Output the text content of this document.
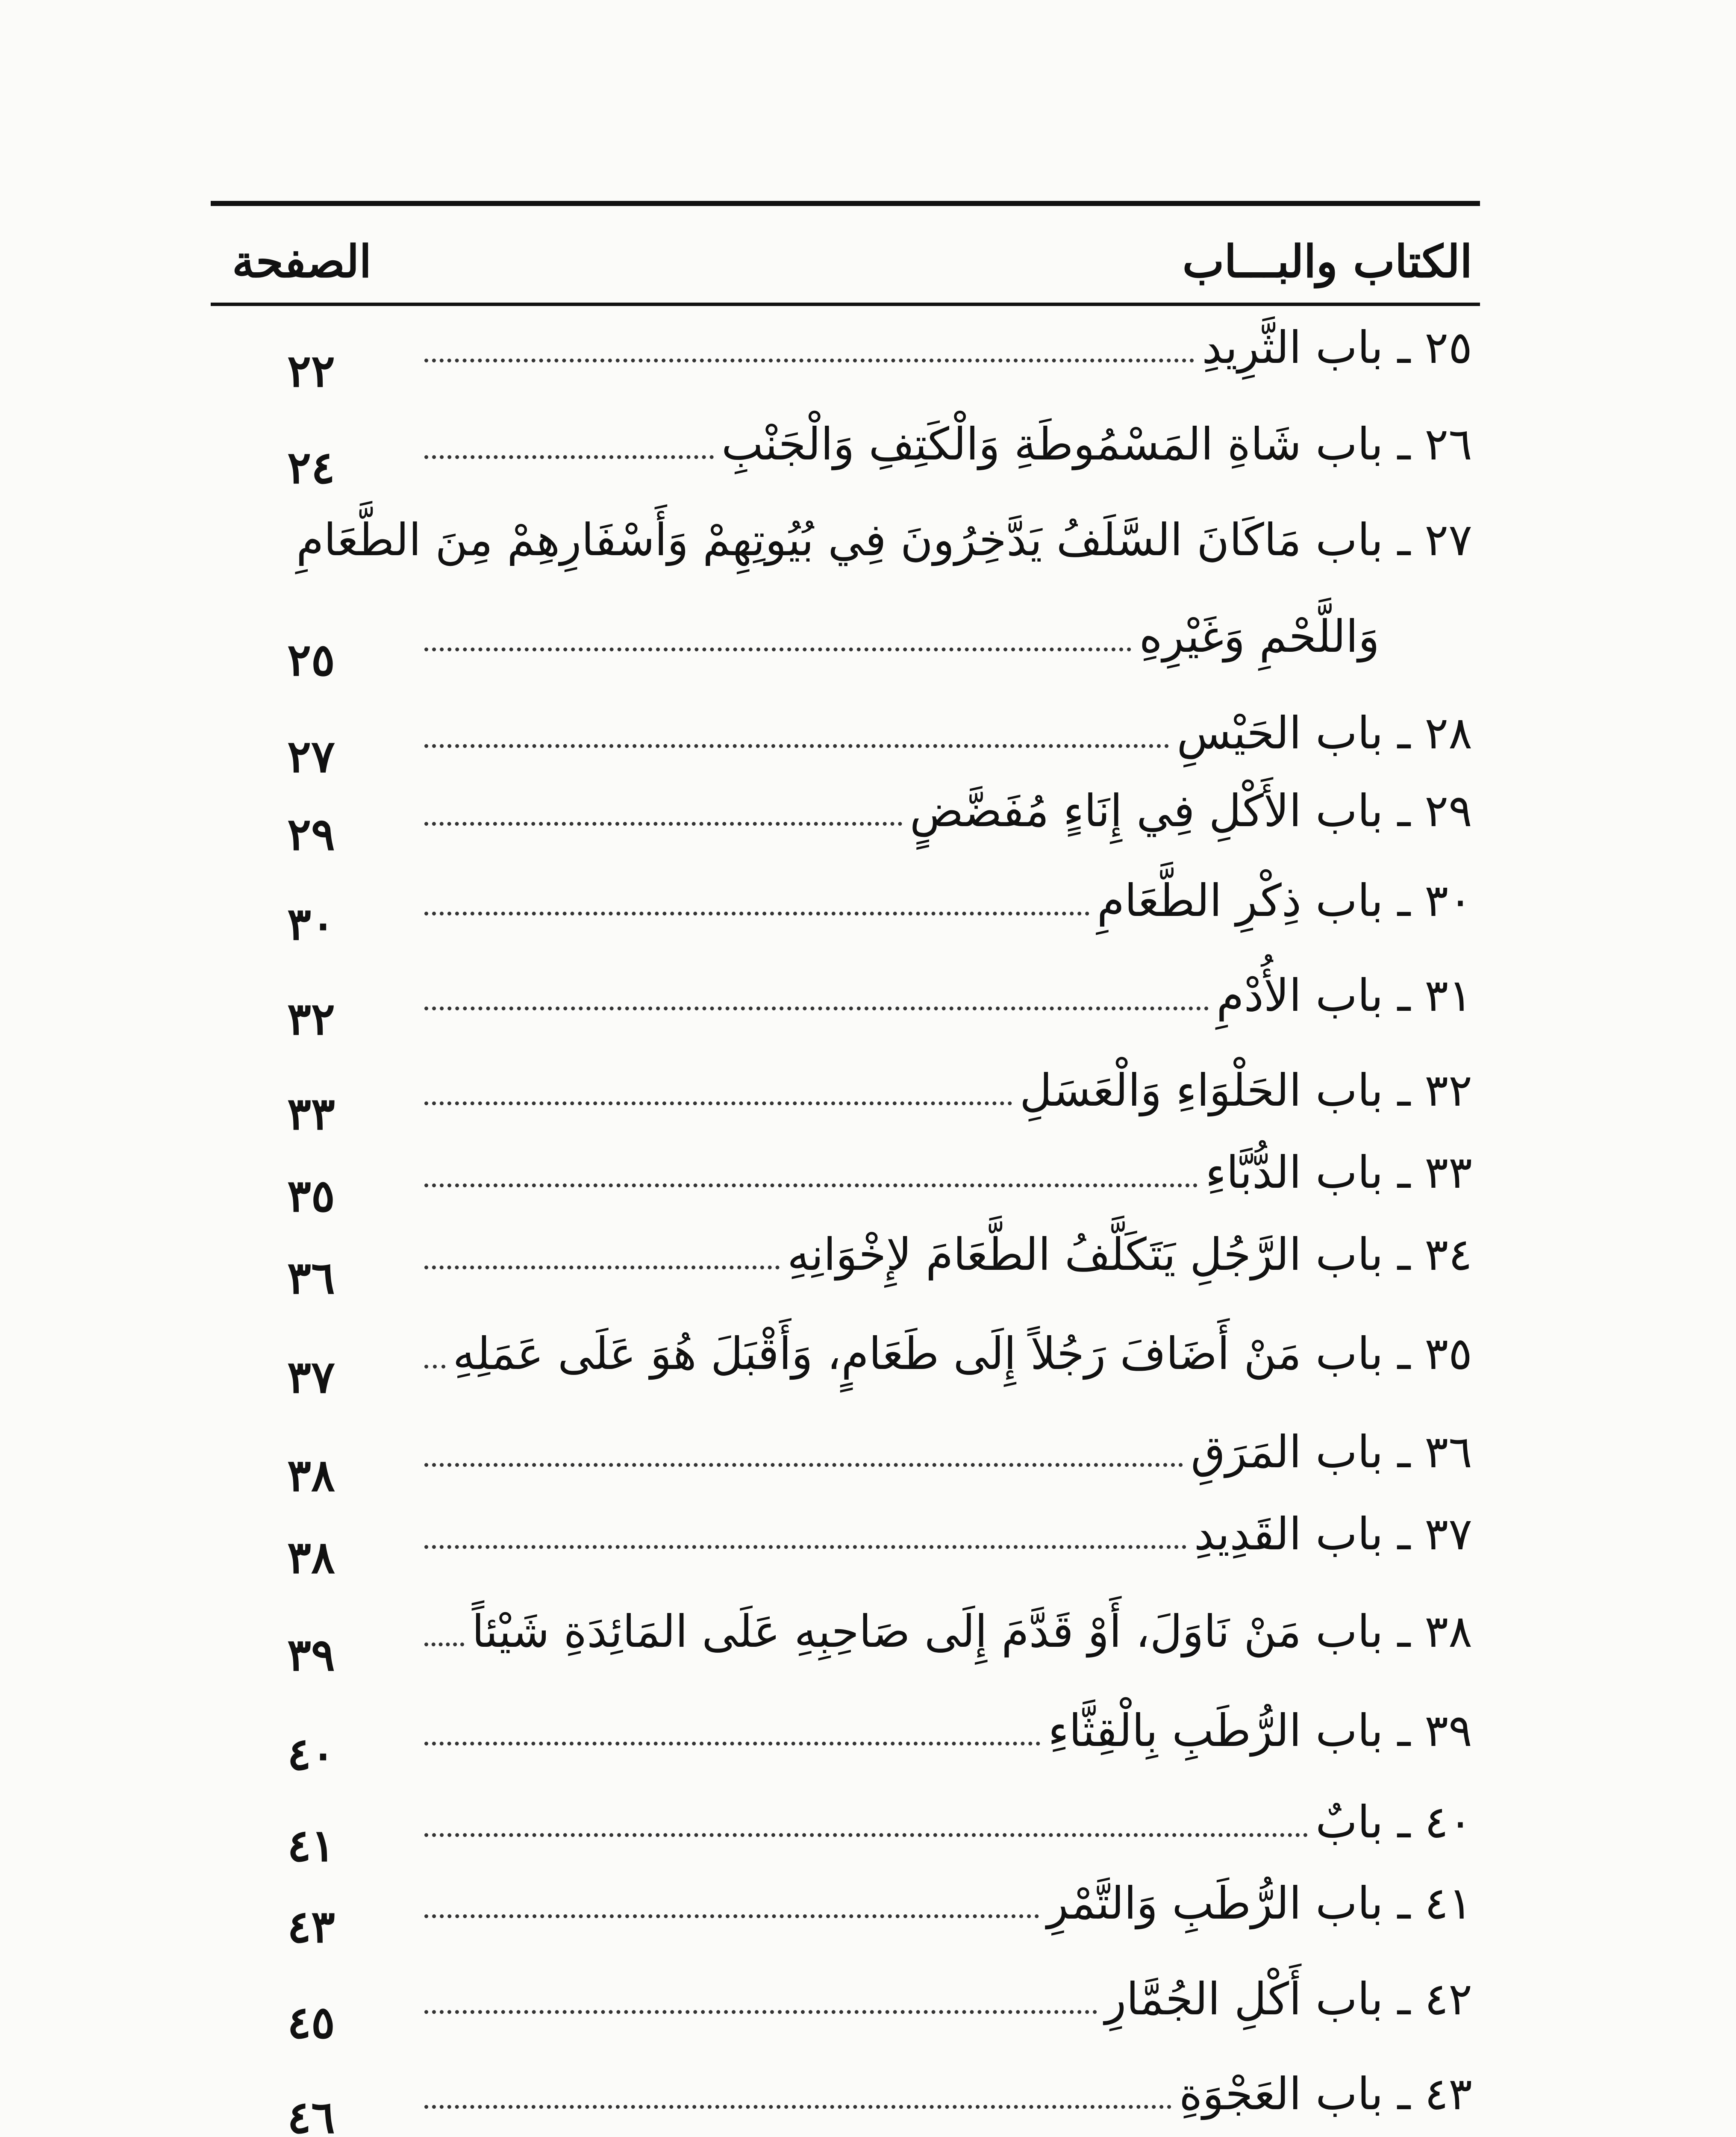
الكتاب والبـــاب
الصفحة
٢٥ ـ باب الثَّرِيدِ
٢٢
٢٦ ـ باب شَاةِ المَسْمُوطَةِ وَالْكَتِفِ وَالْجَنْبِ
٢٤
٢٧ ـ باب مَاكَانَ السَّلَفُ يَدَّخِرُونَ فِي بُيُوتِهِمْ وَأَسْفَارِهِمْ مِنَ الطَّعَامِ
وَاللَّحْمِ وَغَيْرِهِ
٢٥
٢٨ ـ باب الحَيْسِ
٢٧
٢٩ ـ باب الأَكْلِ فِي إِنَاءٍ مُفَضَّضٍ
٢٩
٣٠ ـ باب ذِكْرِ الطَّعَامِ
٣٠
٣١ ـ باب الأُدْمِ
٣٢
٣٢ ـ باب الحَلْوَاءِ وَالْعَسَلِ
٣٣
٣٣ ـ باب الدُّبَّاءِ
٣٥
٣٤ ـ باب الرَّجُلِ يَتَكَلَّفُ الطَّعَامَ لإِخْوَانِهِ
٣٦
٣٥ ـ باب مَنْ أَضَافَ رَجُلاً إِلَى طَعَامٍ، وَأَقْبَلَ هُوَ عَلَى عَمَلِهِ
٣٧
٣٦ ـ باب المَرَقِ
٣٨
٣٧ ـ باب القَدِيدِ
٣٨
٣٨ ـ باب مَنْ نَاوَلَ، أَوْ قَدَّمَ إِلَى صَاحِبِهِ عَلَى المَائِدَةِ شَيْئاً
٣٩
٣٩ ـ باب الرُّطَبِ بِالْقِثَّاءِ
٤٠
٤٠ ـ بابٌ
٤١
٤١ ـ باب الرُّطَبِ وَالتَّمْرِ
٤٣
٤٢ ـ باب أَكْلِ الجُمَّارِ
٤٥
٤٣ ـ باب العَجْوَةِ
٤٦
